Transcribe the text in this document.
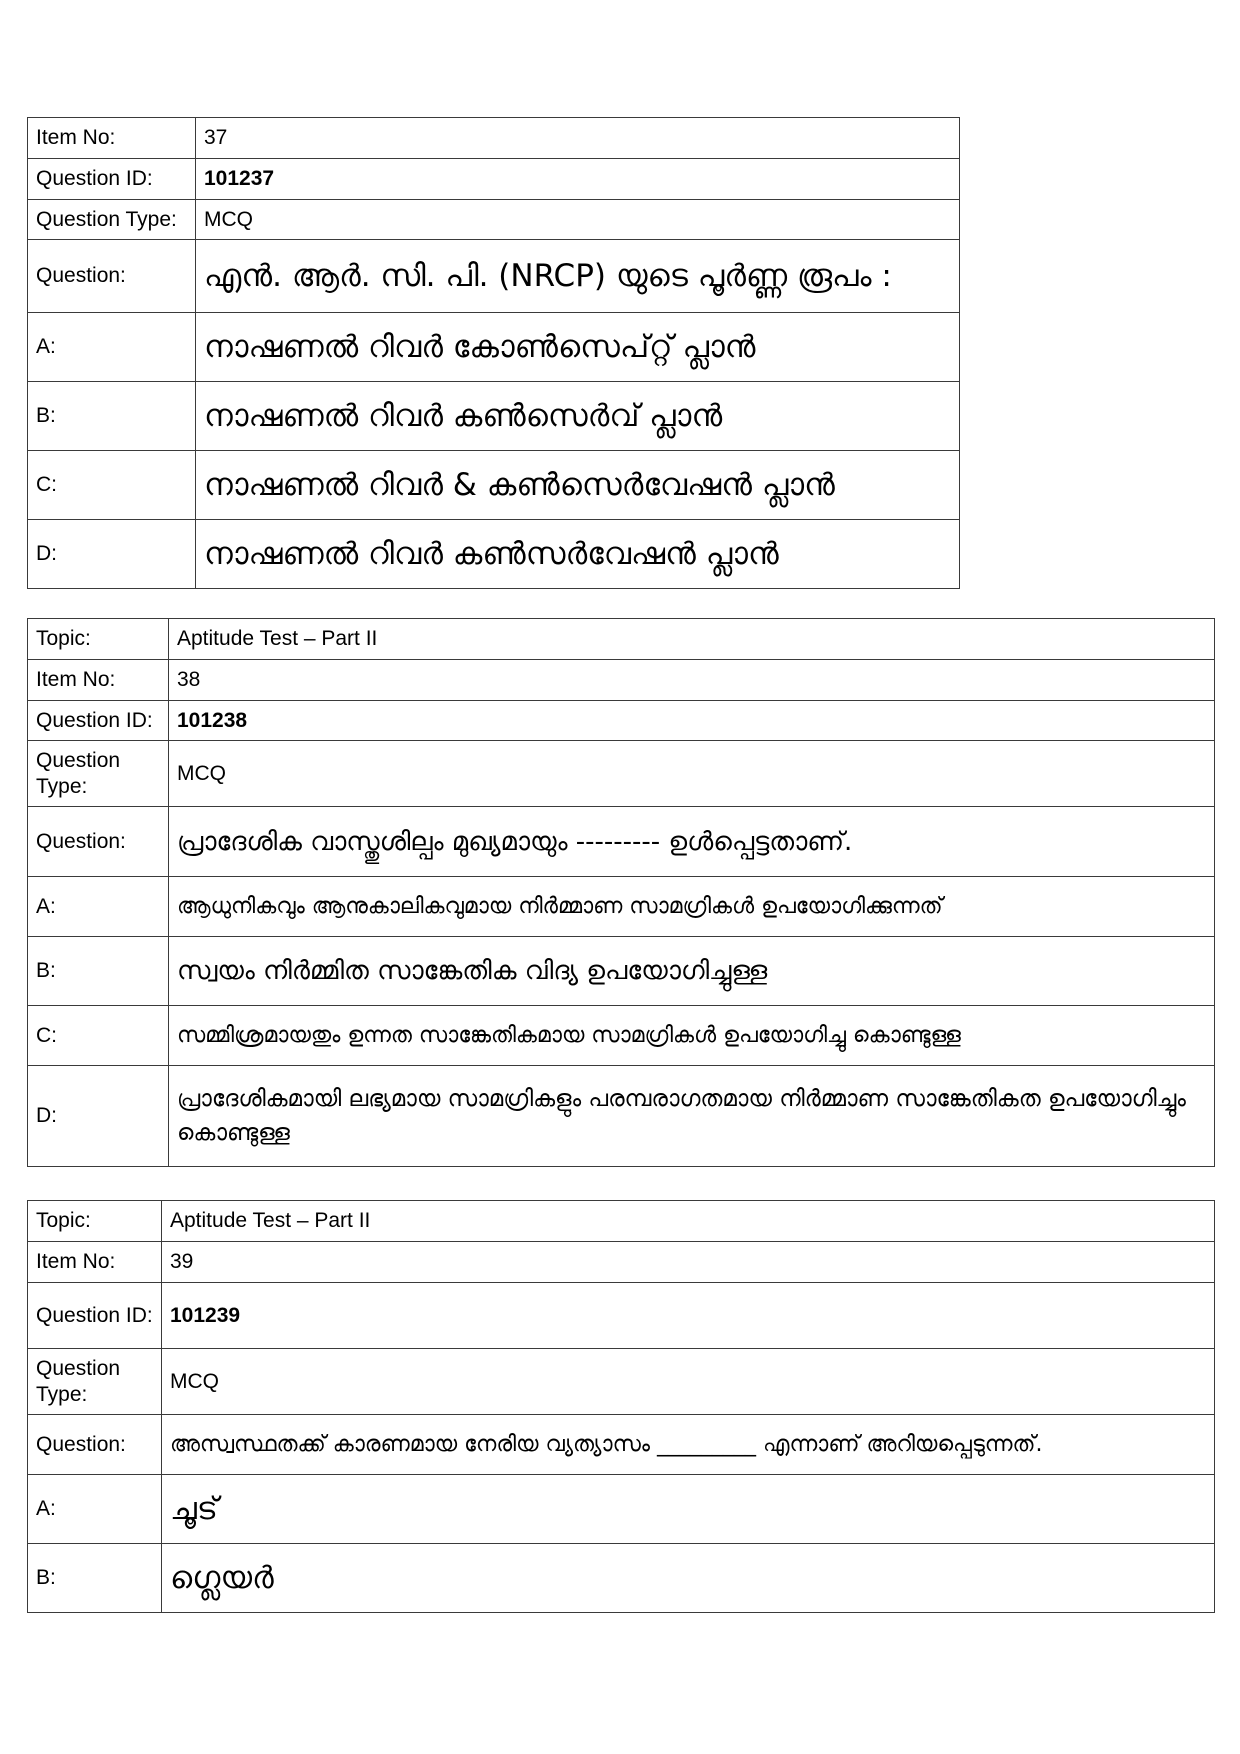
Item No:	37
Question ID:	101237
Question Type:	MCQ
Question:	എൻ. ആർ. സി. പി. (NRCP) യുടെ പൂർണ്ണ രൂപം :
A:	നാഷണൽ റിവർ കോൺസെപ്റ്റ് പ്ലാൻ
B:	നാഷണൽ റിവർ കൺസെർവ് പ്ലാൻ
C:	നാഷണൽ റിവർ & കൺസെർവേഷൻ പ്ലാൻ
D:	നാഷണൽ റിവർ കൺസർവേഷൻ പ്ലാൻ
Topic:	Aptitude Test – Part II
Item No:	38
Question ID:	101238
Question Type:	MCQ
Question:	പ്രാദേശിക വാസ്തുശില്പം മുഖ്യമായും --------- ഉൾപ്പെട്ടതാണ്.
A:	ആധുനികവും ആനുകാലികവുമായ നിർമ്മാണ സാമഗ്രികൾ ഉപയോഗിക്കുന്നത്
B:	സ്വയം നിർമ്മിത സാങ്കേതിക വിദ്യ ഉപയോഗിച്ചുള്ള
C:	സമ്മിശ്രമായതും ഉന്നത സാങ്കേതികമായ സാമഗ്രികൾ ഉപയോഗിച്ചു കൊണ്ടുള്ള
D:	പ്രാദേശികമായി ലഭ്യമായ സാമഗ്രികളും പരമ്പരാഗതമായ നിർമ്മാണ സാങ്കേതികത ഉപയോഗിച്ചും കൊണ്ടുള്ള
Topic:	Aptitude Test – Part II
Item No:	39
Question ID:	101239
Question Type:	MCQ
Question:	അസ്വസ്ഥതക്ക് കാരണമായ നേരിയ വ്യത്യാസം _________ എന്നാണ് അറിയപ്പെടുന്നത്.
A:	ചൂട്
B:	ഗ്ലെയർ
